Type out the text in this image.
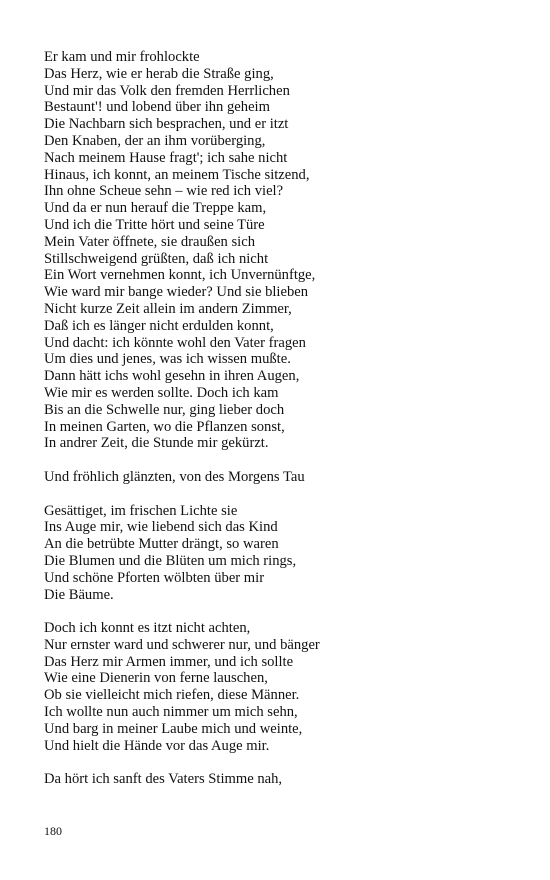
Er kam und mir frohlockte
Das Herz, wie er herab die Straße ging,
Und mir das Volk den fremden Herrlichen
Bestaunt'! und lobend über ihn geheim
Die Nachbarn sich besprachen, und er itzt
Den Knaben, der an ihm vorüberging,
Nach meinem Hause fragt'; ich sahe nicht
Hinaus, ich konnt, an meinem Tische sitzend,
Ihn ohne Scheue sehn – wie red ich viel?
Und da er nun herauf die Treppe kam,
Und ich die Tritte hört und seine Türe
Mein Vater öffnete, sie draußen sich
Stillschweigend grüßten, daß ich nicht
Ein Wort vernehmen konnt, ich Unvernünftge,
Wie ward mir bange wieder? Und sie blieben
Nicht kurze Zeit allein im andern Zimmer,
Daß ich es länger nicht erdulden konnt,
Und dacht: ich könnte wohl den Vater fragen
Um dies und jenes, was ich wissen mußte.
Dann hätt ichs wohl gesehn in ihren Augen,
Wie mir es werden sollte. Doch ich kam
Bis an die Schwelle nur, ging lieber doch
In meinen Garten, wo die Pflanzen sonst,
In andrer Zeit, die Stunde mir gekürzt.
Und fröhlich glänzten, von des Morgens Tau
Gesättiget, im frischen Lichte sie
Ins Auge mir, wie liebend sich das Kind
An die betrübte Mutter drängt, so waren
Die Blumen und die Blüten um mich rings,
Und schöne Pforten wölbten über mir
Die Bäume.
Doch ich konnt es itzt nicht achten,
Nur ernster ward und schwerer nur, und bänger
Das Herz mir Armen immer, und ich sollte
Wie eine Dienerin von ferne lauschen,
Ob sie vielleicht mich riefen, diese Männer.
Ich wollte nun auch nimmer um mich sehn,
Und barg in meiner Laube mich und weinte,
Und hielt die Hände vor das Auge mir.
Da hört ich sanft des Vaters Stimme nah,
180
